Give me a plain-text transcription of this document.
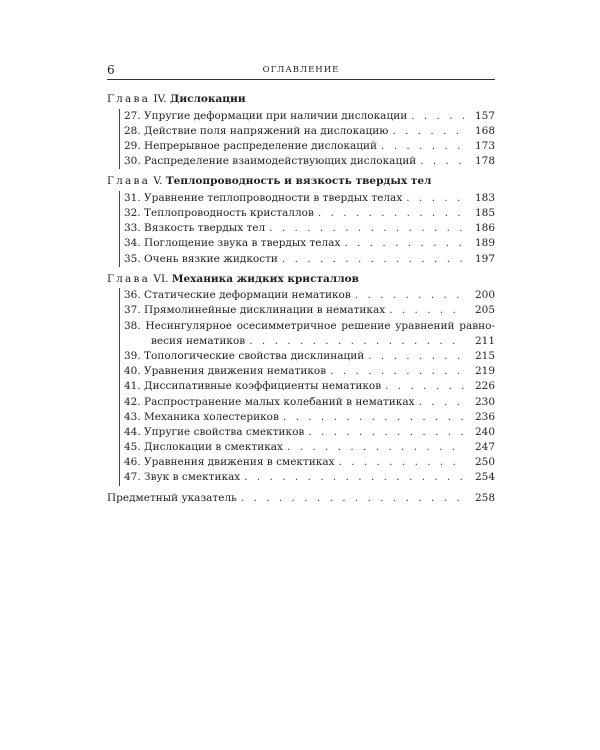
6	ОГЛАВЛЕНИЕ
Глава IV. Дислокации
27. Упругие деформации при наличии дислокации . . .	157
28. Действие поля напряжений на дислокацию . . .	168
29. Непрерывное распределение дислокаций . . .	173
30. Распределение взаимодействующих дислокаций . . .	178
Глава V. Теплопроводность и вязкость твердых тел
31. Уравнение теплопроводности в твердых телах . . .	183
32. Теплопроводность кристаллов . . .	185
33. Вязкость твердых тел . . .	186
34. Поглощение звука в твердых телах . . .	189
35. Очень вязкие жидкости . . .	197
Глава VI. Механика жидких кристаллов
36. Статические деформации нематиков . . .	200
37. Прямолинейные дисклинации в нематиках . . .	205
38. Несингулярное осесимметричное решение уравнений равно-
весия нематиков . . .	211
39. Топологические свойства дисклинаций . . .	215
40. Уравнения движения нематиков . . .	219
41. Диссипативные коэффициенты нематиков . . .	226
42. Распространение малых колебаний в нематиках . . .	230
43. Механика холестериков . . .	236
44. Упругие свойства смектиков . . .	240
45. Дислокации в смектиках . . .	247
46. Уравнения движения в смектиках . . .	250
47. Звук в смектиках . . .	254
Предметный указатель . . .	258
